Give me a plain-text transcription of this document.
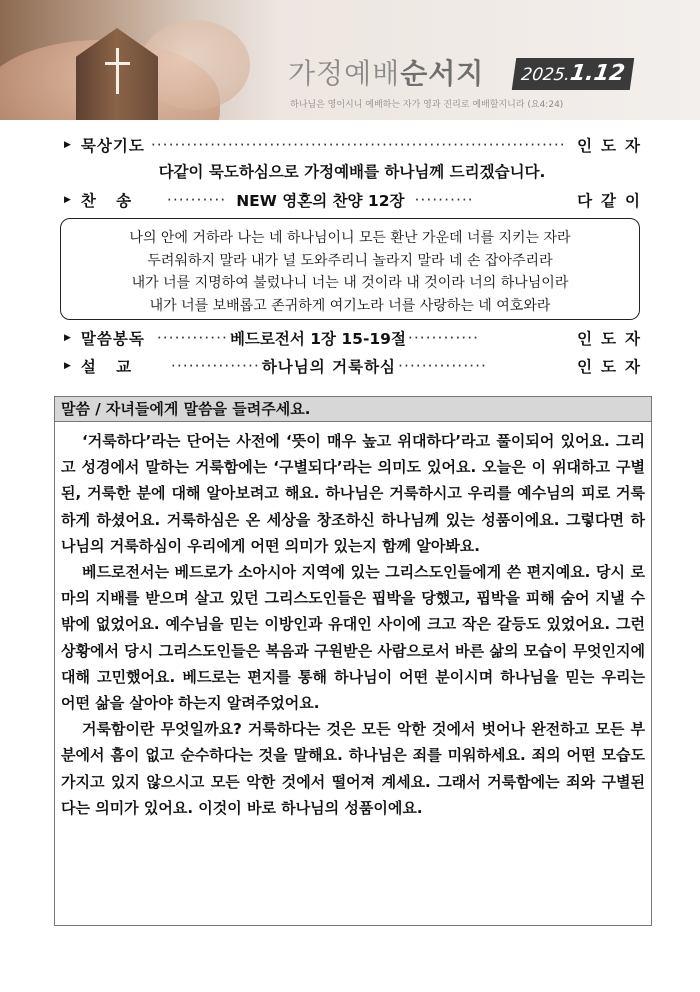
가정예배순서지	2025.1.12
하나님은 영이시니 예배하는 자가 영과 진리로 예배할지니라 (요4:24)
▶ 묵상기도 ······································································ 인도자
다같이 묵도하심으로 가정예배를 하나님께 드리겠습니다.
▶ 찬   송	·········· NEW 영혼의 찬양 12장 ··········	다같이
나의 안에 거하라 나는 네 하나님이니 모든 환난 가운데 너를 지키는 자라
두려워하지 말라 내가 널 도와주리니 놀라지 말라 네 손 잡아주리라
내가 너를 지명하여 불렀나니 너는 내 것이라 내 것이라 너의 하나님이라
내가 너를 보배롭고 존귀하게 여기노라 너를 사랑하는 네 여호와라
▶ 말씀봉독 ············ 베드로전서 1장 15-19절 ············	인도자
▶ 설   교	··············· 하나님의 거룩하심 ···············	인도자
말씀 / 자녀들에게 말씀을 들려주세요.

‘거룩하다’라는 단어는 사전에 ‘뜻이 매우 높고 위대하다’라고 풀이되어 있어요. 그리고 성경에서 말하는 거룩함에는 ‘구별되다’라는 의미도 있어요. 오늘은 이 위대하고 구별된, 거룩한 분에 대해 알아보려고 해요. 하나님은 거룩하시고 우리를 예수님의 피로 거룩하게 하셨어요. 거룩하심은 온 세상을 창조하신 하나님께 있는 성품이에요. 그렇다면 하나님의 거룩하심이 우리에게 어떤 의미가 있는지 함께 알아봐요.

베드로전서는 베드로가 소아시아 지역에 있는 그리스도인들에게 쓴 편지예요. 당시 로마의 지배를 받으며 살고 있던 그리스도인들은 핍박을 당했고, 핍박을 피해 숨어 지낼 수밖에 없었어요. 예수님을 믿는 이방인과 유대인 사이에 크고 작은 갈등도 있었어요. 그런 상황에서 당시 그리스도인들은 복음과 구원받은 사람으로서 바른 삶의 모습이 무엇인지에 대해 고민했어요. 베드로는 편지를 통해 하나님이 어떤 분이시며 하나님을 믿는 우리는 어떤 삶을 살아야 하는지 알려주었어요.

거룩함이란 무엇일까요? 거룩하다는 것은 모든 악한 것에서 벗어나 완전하고 모든 부분에서 흠이 없고 순수하다는 것을 말해요. 하나님은 죄를 미워하세요. 죄의 어떤 모습도 가지고 있지 않으시고 모든 악한 것에서 떨어져 계세요. 그래서 거룩함에는 죄와 구별된다는 의미가 있어요. 이것이 바로 하나님의 성품이에요.
